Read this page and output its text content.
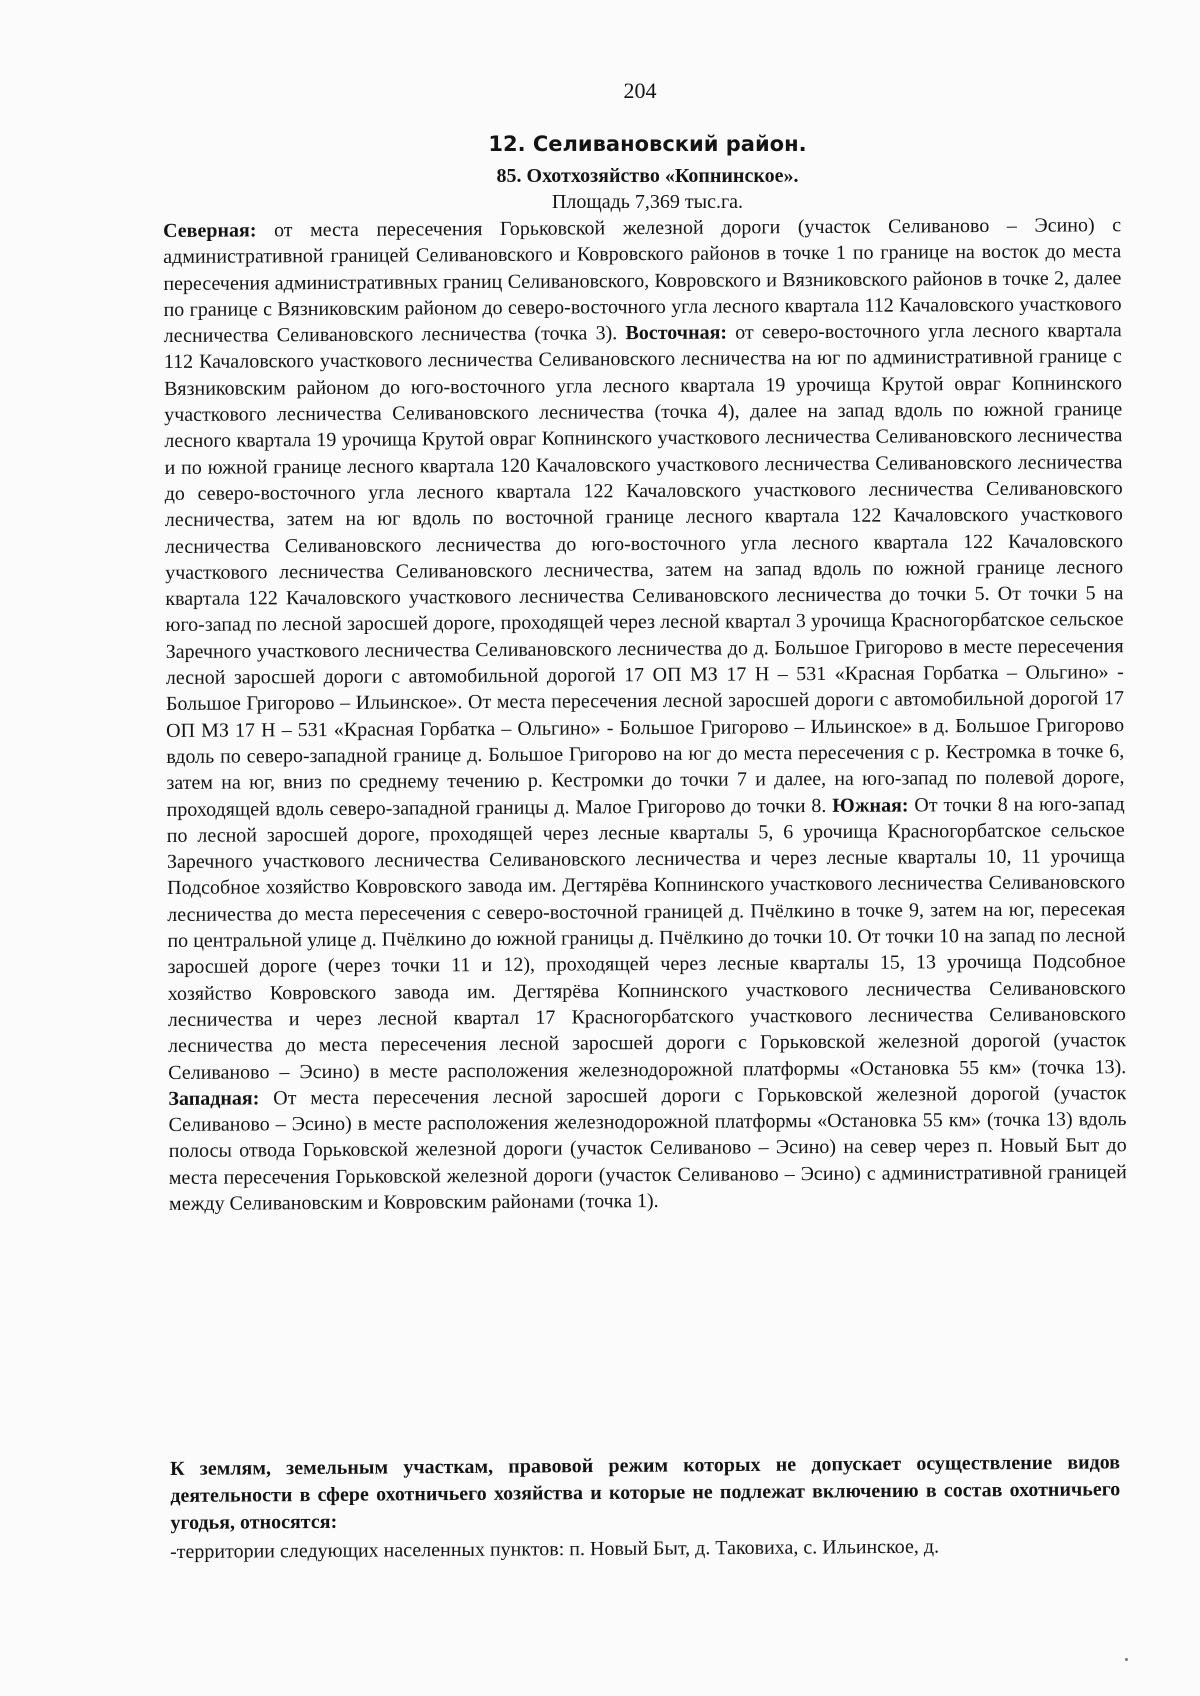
204
12. Селивановский район.
85. Охотхозяйство «Копнинское».
Площадь 7,369 тыс.га.
Северная: от места пересечения Горьковской железной дороги (участок Селиваново – Эсино) с административной границей Селивановского и Ковровского районов в точке 1 по границе на восток до места пересечения административных границ Селивановского, Ковровского и Вязниковского районов в точке 2, далее по границе с Вязниковским районом до северо-восточного угла лесного квартала 112 Качаловского участкового лесничества Селивановского лесничества (точка 3). Восточная: от северо-восточного угла лесного квартала 112 Качаловского участкового лесничества Селивановского лесничества на юг по административной границе с Вязниковским районом до юго-восточного угла лесного квартала 19 урочища Крутой овраг Копнинского участкового лесничества Селивановского лесничества (точка 4), далее на запад вдоль по южной границе лесного квартала 19 урочища Крутой овраг Копнинского участкового лесничества Селивановского лесничества и по южной границе лесного квартала 120 Качаловского участкового лесничества Селивановского лесничества до северо-восточного угла лесного квартала 122 Качаловского участкового лесничества Селивановского лесничества, затем на юг вдоль по восточной границе лесного квартала 122 Качаловского участкового лесничества Селивановского лесничества до юго-восточного угла лесного квартала 122 Качаловского участкового лесничества Селивановского лесничества, затем на запад вдоль по южной границе лесного квартала 122 Качаловского участкового лесничества Селивановского лесничества до точки 5. От точки 5 на юго-запад по лесной заросшей дороге, проходящей через лесной квартал 3 урочища Красногорбатское сельское Заречного участкового лесничества Селивановского лесничества до д. Большое Григорово в месте пересечения лесной заросшей дороги с автомобильной дорогой 17 ОП МЗ 17 Н – 531 «Красная Горбатка – Ольгино» - Большое Григорово – Ильинское». От места пересечения лесной заросшей дороги с автомобильной дорогой 17 ОП МЗ 17 Н – 531 «Красная Горбатка – Ольгино» - Большое Григорово – Ильинское» в д. Большое Григорово вдоль по северо-западной границе д. Большое Григорово на юг до места пересечения с р. Кестромка в точке 6, затем на юг, вниз по среднему течению р. Кестромки до точки 7 и далее, на юго-запад по полевой дороге, проходящей вдоль северо-западной границы д. Малое Григорово до точки 8. Южная: От точки 8 на юго-запад по лесной заросшей дороге, проходящей через лесные кварталы 5, 6 урочища Красногорбатское сельское Заречного участкового лесничества Селивановского лесничества и через лесные кварталы 10, 11 урочища Подсобное хозяйство Ковровского завода им. Дегтярёва Копнинского участкового лесничества Селивановского лесничества до места пересечения с северо-восточной границей д. Пчёлкино в точке 9, затем на юг, пересекая по центральной улице д. Пчёлкино до южной границы д. Пчёлкино до точки 10. От точки 10 на запад по лесной заросшей дороге (через точки 11 и 12), проходящей через лесные кварталы 15, 13 урочища Подсобное хозяйство Ковровского завода им. Дегтярёва Копнинского участкового лесничества Селивановского лесничества и через лесной квартал 17 Красногорбатского участкового лесничества Селивановского лесничества до места пересечения лесной заросшей дороги с Горьковской железной дорогой (участок Селиваново – Эсино) в месте расположения железнодорожной платформы «Остановка 55 км» (точка 13). Западная: От места пересечения лесной заросшей дороги с Горьковской железной дорогой (участок Селиваново – Эсино) в месте расположения железнодорожной платформы «Остановка 55 км» (точка 13) вдоль полосы отвода Горьковской железной дороги (участок Селиваново – Эсино) на север через п. Новый Быт до места пересечения Горьковской железной дороги (участок Селиваново – Эсино) с административной границей между Селивановским и Ковровским районами (точка 1).
К землям, земельным участкам, правовой режим которых не допускает осуществление видов деятельности в сфере охотничьего хозяйства и которые не подлежат включению в состав охотничьего угодья, относятся:
-территории следующих населенных пунктов: п. Новый Быт, д. Таковиха, с. Ильинское, д.
